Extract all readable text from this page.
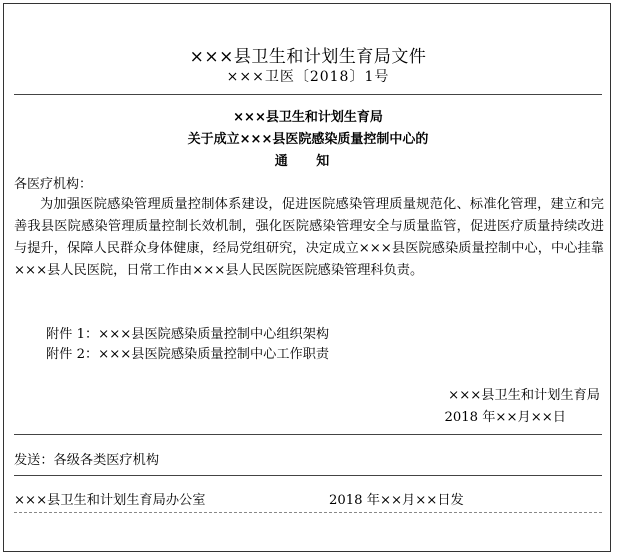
×××县卫生和计划生育局文件
×××卫医〔2018〕1号
×××县卫生和计划生育局
关于成立×××县医院感染质量控制中心的
通 知
各医疗机构：
为加强医院感染管理质量控制体系建设，促进医院感染管理质量规范化、标准化管理，建立和完善我县医院感染管理质量控制长效机制，强化医院感染管理安全与质量监管，促进医疗质量持续改进与提升，保障人民群众身体健康，经局党组研究，决定成立×××县医院感染质量控制中心，中心挂靠×××县人民医院，日常工作由×××县人民医院医院感染管理科负责。
附件 1：×××县医院感染质量控制中心组织架构
附件 2：×××县医院感染质量控制中心工作职责
×××县卫生和计划生育局
2018 年××月××日
发送：各级各类医疗机构
×××县卫生和计划生育局办公室	2018 年××月××日发
